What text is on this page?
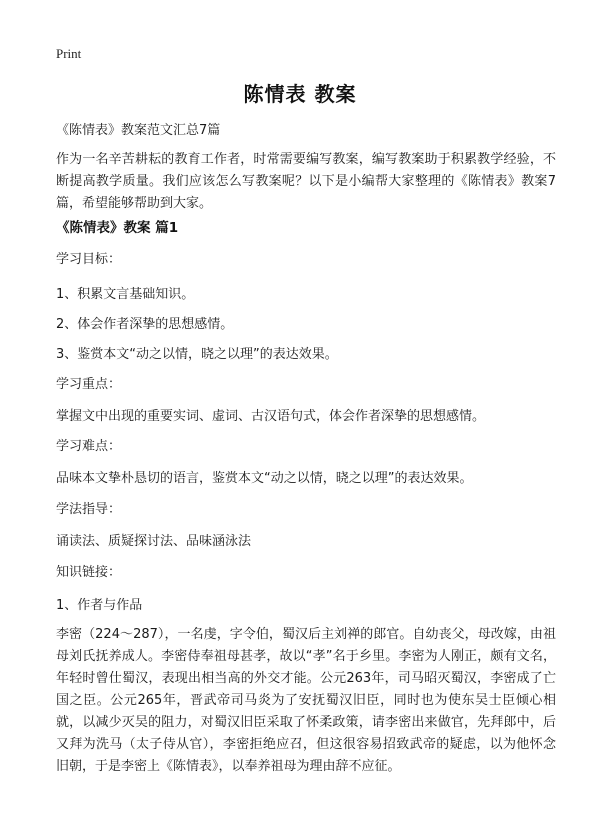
Print
陈情表 教案
《陈情表》教案范文汇总7篇
作为一名辛苦耕耘的教育工作者，时常需要编写教案，编写教案助于积累教学经验，不断提高教学质量。我们应该怎么写教案呢？以下是小编帮大家整理的《陈情表》教案7篇，希望能够帮助到大家。
《陈情表》教案 篇1
学习目标：
1、积累文言基础知识。
2、体会作者深挚的思想感情。
3、鉴赏本文“动之以情，晓之以理”的表达效果。
学习重点：
掌握文中出现的重要实词、虚词、古汉语句式，体会作者深挚的思想感情。
学习难点：
品味本文挚朴恳切的语言，鉴赏本文“动之以情，晓之以理”的表达效果。
学法指导：
诵读法、质疑探讨法、品味涵泳法
知识链接：
1、作者与作品
李密（224～287），一名虔，字令伯，蜀汉后主刘禅的郎官。自幼丧父，母改嫁，由祖母刘氏抚养成人。李密侍奉祖母甚孝，故以“孝”名于乡里。李密为人刚正，颇有文名，年轻时曾仕蜀汉，表现出相当高的外交才能。公元263年，司马昭灭蜀汉，李密成了亡国之臣。公元265年，晋武帝司马炎为了安抚蜀汉旧臣，同时也为使东吴士臣倾心相就，以减少灭吴的阻力，对蜀汉旧臣采取了怀柔政策，请李密出来做官，先拜郎中，后又拜为洗马（太子侍从官），李密拒绝应召，但这很容易招致武帝的疑虑，以为他怀念旧朝，于是李密上《陈情表》，以奉养祖母为理由辞不应征。
